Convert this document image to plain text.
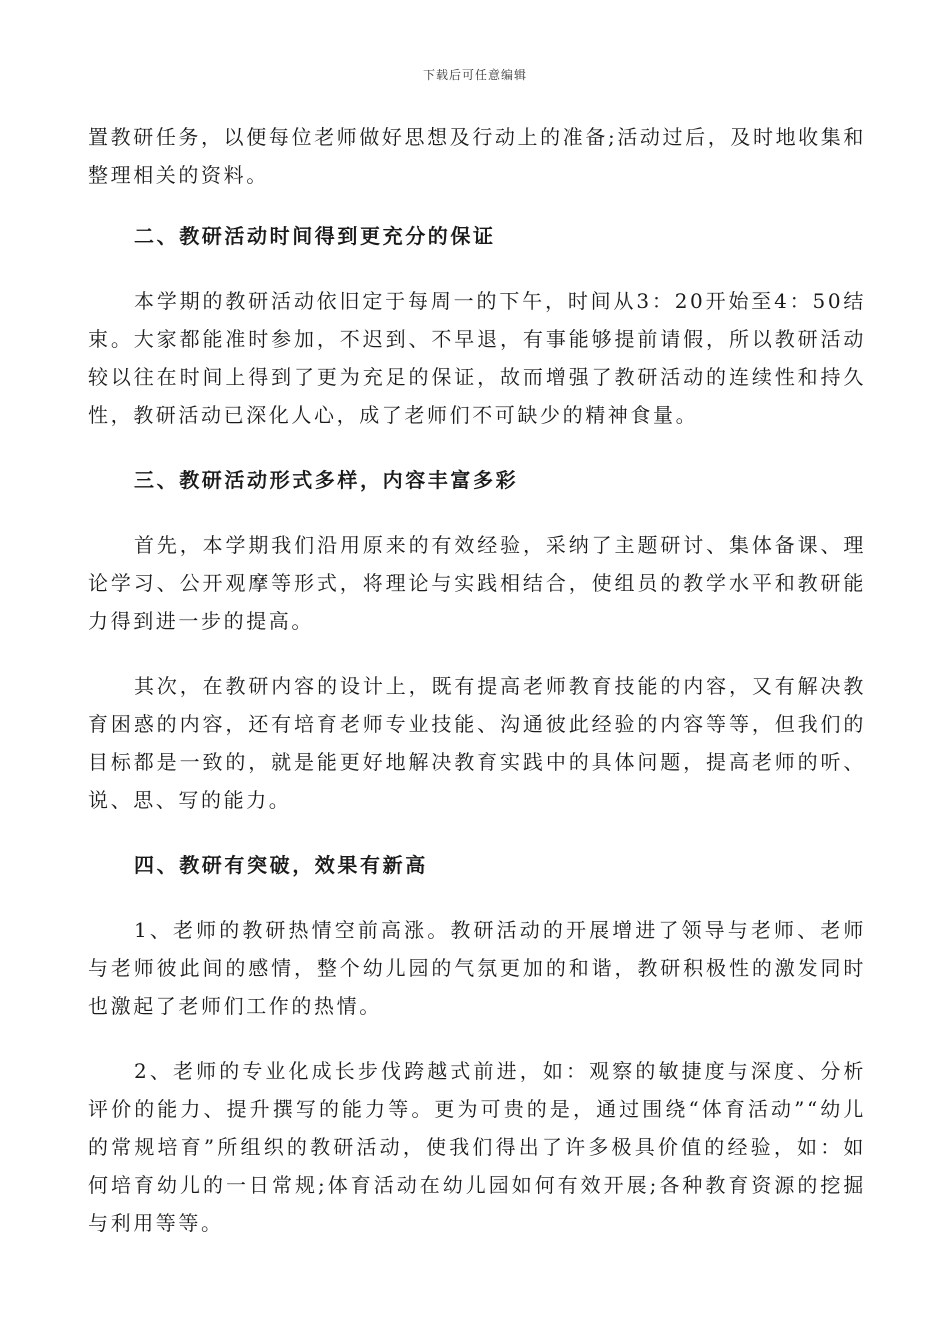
下载后可任意编辑

置教研任务，以便每位老师做好思想及行动上的准备;活动过后，及时地收集和整理相关的资料。

二、教研活动时间得到更充分的保证

本学期的教研活动依旧定于每周一的下午，时间从3：20开始至4：50结束。大家都能准时参加，不迟到、不早退，有事能够提前请假，所以教研活动较以往在时间上得到了更为充足的保证，故而增强了教研活动的连续性和持久性，教研活动已深化人心，成了老师们不可缺少的精神食量。

三、教研活动形式多样，内容丰富多彩

首先，本学期我们沿用原来的有效经验，采纳了主题研讨、集体备课、理论学习、公开观摩等形式，将理论与实践相结合，使组员的教学水平和教研能力得到进一步的提高。

其次，在教研内容的设计上，既有提高老师教育技能的内容，又有解决教育困惑的内容，还有培育老师专业技能、沟通彼此经验的内容等等，但我们的目标都是一致的，就是能更好地解决教育实践中的具体问题，提高老师的听、说、思、写的能力。

四、教研有突破，效果有新高

1、老师的教研热情空前高涨。教研活动的开展增进了领导与老师、老师与老师彼此间的感情，整个幼儿园的气氛更加的和谐，教研积极性的激发同时也激起了老师们工作的热情。

2、老师的专业化成长步伐跨越式前进，如：观察的敏捷度与深度、分析评价的能力、提升撰写的能力等。更为可贵的是，通过围绕“体育活动”“幼儿的常规培育”所组织的教研活动，使我们得出了许多极具价值的经验，如：如何培育幼儿的一日常规;体育活动在幼儿园如何有效开展;各种教育资源的挖掘与利用等等。
